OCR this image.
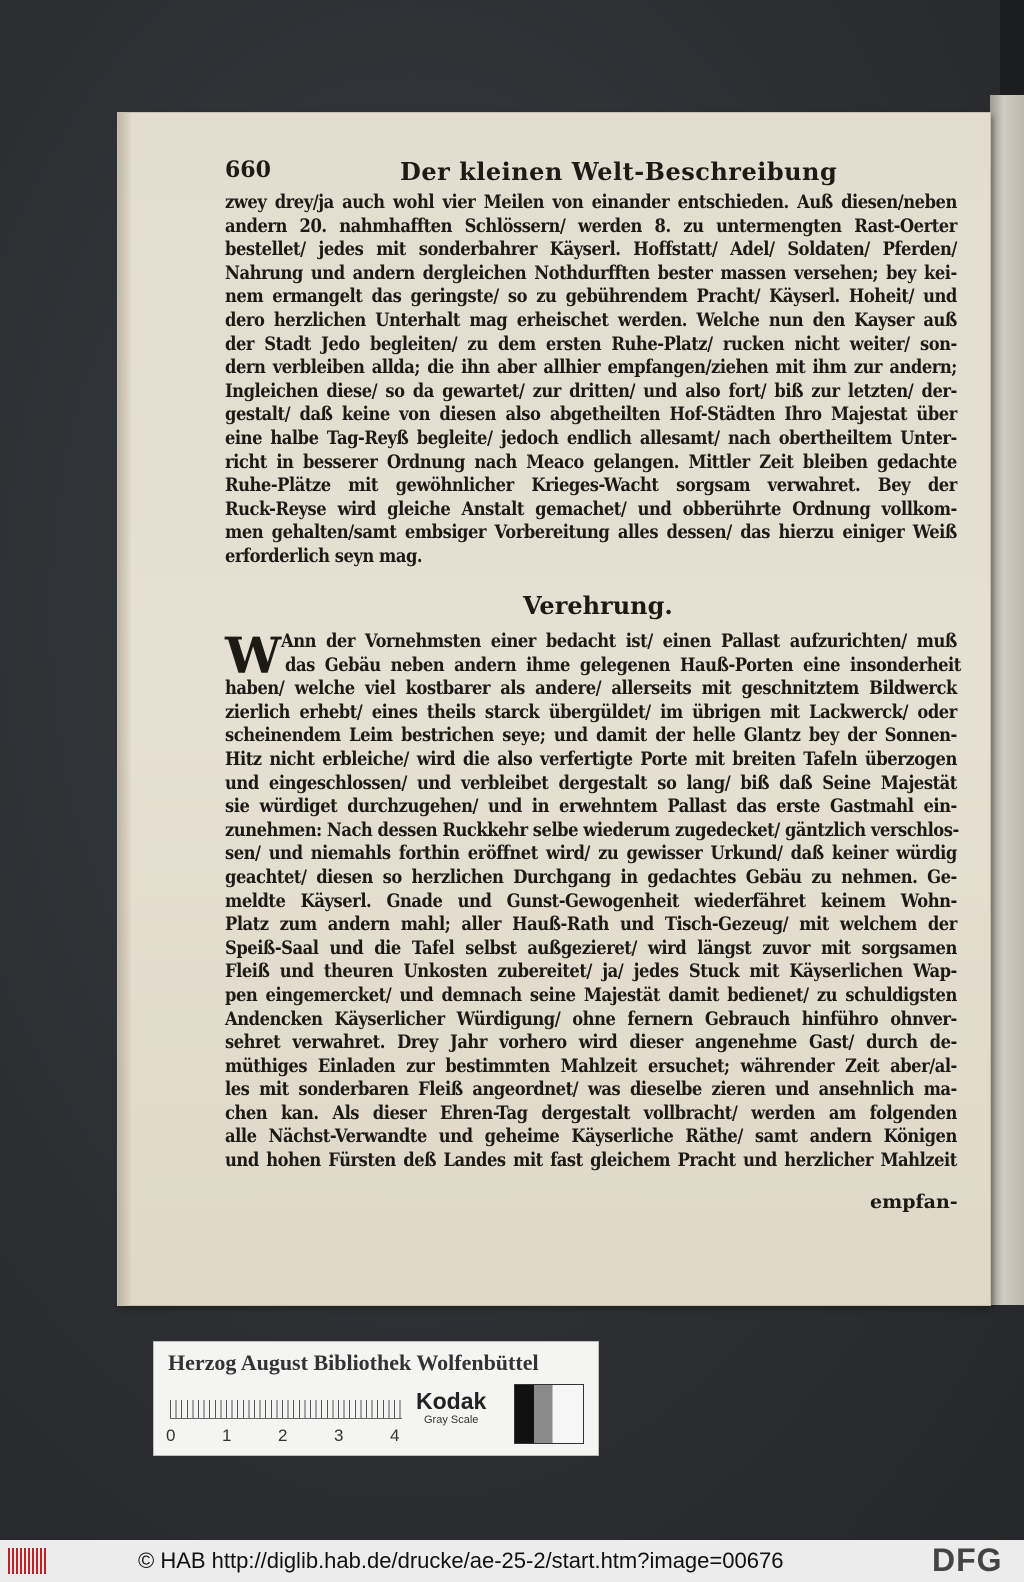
660	Der kleinen Welt-Beschreibung
zwey drey/ja auch wohl vier Meilen von einander entschieden. Auß diesen/neben
andern 20. nahmhafften Schlössern/ werden 8. zu untermengten Rast-Oerter
bestellet/ jedes mit sonderbahrer Käyserl. Hoffstatt/ Adel/ Soldaten/ Pferden/
Nahrung und andern dergleichen Nothdurfften bester massen versehen; bey kei-
nem ermangelt das geringste/ so zu gebührendem Pracht/ Käyserl. Hoheit/ und
dero herzlichen Unterhalt mag erheischet werden. Welche nun den Kayser auß
der Stadt Jedo begleiten/ zu dem ersten Ruhe-Platz/ rucken nicht weiter/ son-
dern verbleiben allda; die ihn aber allhier empfangen/ziehen mit ihm zur andern;
Ingleichen diese/ so da gewartet/ zur dritten/ und also fort/ biß zur letzten/ der-
gestalt/ daß keine von diesen also abgetheilten Hof-Städten Ihro Majestat über
eine halbe Tag-Reyß begleite/ jedoch endlich allesamt/ nach obertheiltem Unter-
richt in besserer Ordnung nach Meaco gelangen. Mittler Zeit bleiben gedachte
Ruhe-Plätze mit gewöhnlicher Krieges-Wacht sorgsam verwahret. Bey der
Ruck-Reyse wird gleiche Anstalt gemachet/ und obberührte Ordnung vollkom-
men gehalten/samt embsiger Vorbereitung alles dessen/ das hierzu einiger Weiß
erforderlich seyn mag.
Verehrung.
W Ann der Vornehmsten einer bedacht ist/ einen Pallast aufzurichten/ muß
das Gebäu neben andern ihme gelegenen Hauß-Porten eine insonderheit
haben/ welche viel kostbarer als andere/ allerseits mit geschnitztem Bildwerck
zierlich erhebt/ eines theils starck übergüldet/ im übrigen mit Lackwerck/ oder
scheinendem Leim bestrichen seye; und damit der helle Glantz bey der Sonnen-
Hitz nicht erbleiche/ wird die also verfertigte Porte mit breiten Tafeln überzogen
und eingeschlossen/ und verbleibet dergestalt so lang/ biß daß Seine Majestät
sie würdiget durchzugehen/ und in erwehntem Pallast das erste Gastmahl ein-
zunehmen: Nach dessen Ruckkehr selbe wiederum zugedecket/ gäntzlich verschlos-
sen/ und niemahls forthin eröffnet wird/ zu gewisser Urkund/ daß keiner würdig
geachtet/ diesen so herzlichen Durchgang in gedachtes Gebäu zu nehmen. Ge-
meldte Käyserl. Gnade und Gunst-Gewogenheit wiederfähret keinem Wohn-
Platz zum andern mahl; aller Hauß-Rath und Tisch-Gezeug/ mit welchem der
Speiß-Saal und die Tafel selbst außgezieret/ wird längst zuvor mit sorgsamen
Fleiß und theuren Unkosten zubereitet/ ja/ jedes Stuck mit Käyserlichen Wap-
pen eingemercket/ und demnach seine Majestät damit bedienet/ zu schuldigsten
Andencken Käyserlicher Würdigung/ ohne fernern Gebrauch hinführo ohnver-
sehret verwahret. Drey Jahr vorhero wird dieser angenehme Gast/ durch de-
müthiges Einladen zur bestimmten Mahlzeit ersuchet; währender Zeit aber/al-
les mit sonderbaren Fleiß angeordnet/ was dieselbe zieren und ansehnlich ma-
chen kan. Als dieser Ehren-Tag dergestalt vollbracht/ werden am folgenden
alle Nächst-Verwandte und geheime Käyserliche Räthe/ samt andern Königen
und hohen Fürsten deß Landes mit fast gleichem Pracht und herzlicher Mahlzeit
empfan-
Herzog August Bibliothek Wolfenbüttel
0	1	2	3	4
Kodak
Gray Scale
© HAB http://diglib.hab.de/drucke/ae-25-2/start.htm?image=00676	DFG
